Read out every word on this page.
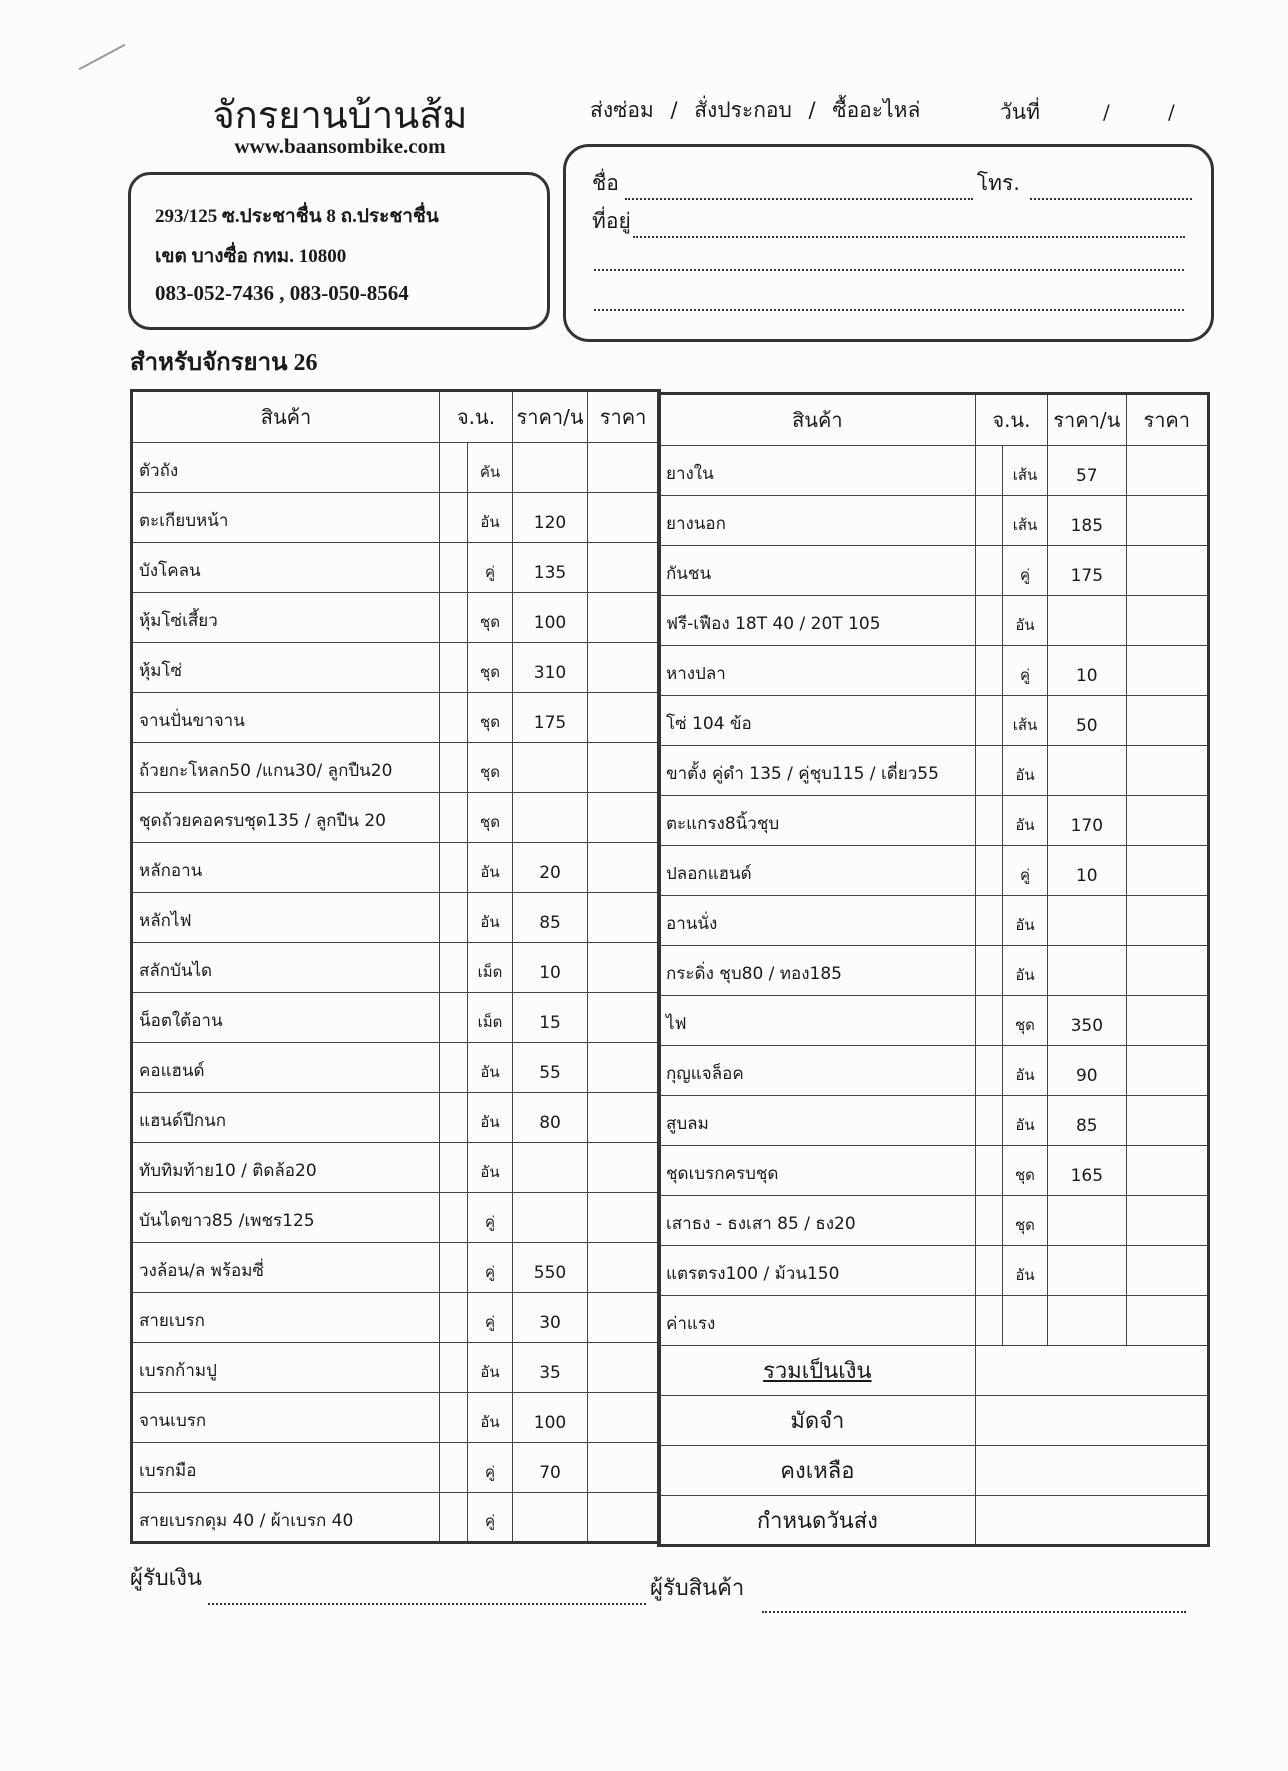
จักรยานบ้านส้ม
www.baansombike.com
293/125 ซ.ประชาชื่น 8 ถ.ประชาชื่น
เขต บางซื่อ กทม. 10800
083-052-7436 , 083-050-8564
ส่งซ่อม / สั่งประกอบ / ซื้ออะไหล่	วันที่	/	/
ชื่อ	โทร.
ที่อยู่
สำหรับจักรยาน 26
สินค้า	จ.น.		ราคา/น	ราคา
ตัวถัง		คัน		
ตะเกียบหน้า		อัน	120	
บังโคลน		คู่	135	
หุ้มโซ่เสี้ยว		ชุด	100	
หุ้มโซ่		ชุด	310	
จานปั่นขาจาน		ชุด	175	
ถ้วยกะโหลก50 /แกน30/ ลูกปืน20		ชุด		
ชุดถ้วยคอครบชุด135 / ลูกปืน 20		ชุด		
หลักอาน		อัน	20	
หลักไฟ		อัน	85	
สลักบันได		เม็ด	10	
น็อตใต้อาน		เม็ด	15	
คอแฮนด์		อัน	55	
แฮนด์ปีกนก		อัน	80	
ทับทิมท้าย10 / ติดล้อ20		อัน		
บันไดขาว85 /เพชร125		คู่		
วงล้อน/ล พร้อมซี่		คู่	550	
สายเบรก		คู่	30	
เบรกก้ามปู		อัน	35	
จานเบรก		อัน	100	
เบรกมือ		คู่	70	
สายเบรกดุม 40 / ผ้าเบรก 40		คู่		
สินค้า	จ.น.		ราคา/น	ราคา
ยางใน		เส้น	57	
ยางนอก		เส้น	185	
กันชน		คู่	175	
ฟรี-เฟือง 18T 40 / 20T 105		อัน		
หางปลา		คู่	10	
โซ่ 104 ข้อ		เส้น	50	
ขาตั้ง คู่ดำ 135 / คู่ชุบ115 / เดี่ยว55		อัน		
ตะแกรง8นิ้วชุบ		อัน	170	
ปลอกแฮนด์		คู่	10	
อานนั่ง		อัน		
กระดิ่ง ชุบ80 / ทอง185		อัน		
ไฟ		ชุด	350	
กุญแจล็อค		อัน	90	
สูบลม		อัน	85	
ชุดเบรกครบชุด		ชุด	165	
เสาธง - ธงเสา 85 / ธง20		ชุด		
แตรตรง100 / ม้วน150		อัน		
ค่าแรง				
รวมเป็นเงิน				
มัดจำ				
คงเหลือ				
กำหนดวันส่ง				
ผู้รับเงิน	ผู้รับสินค้า
